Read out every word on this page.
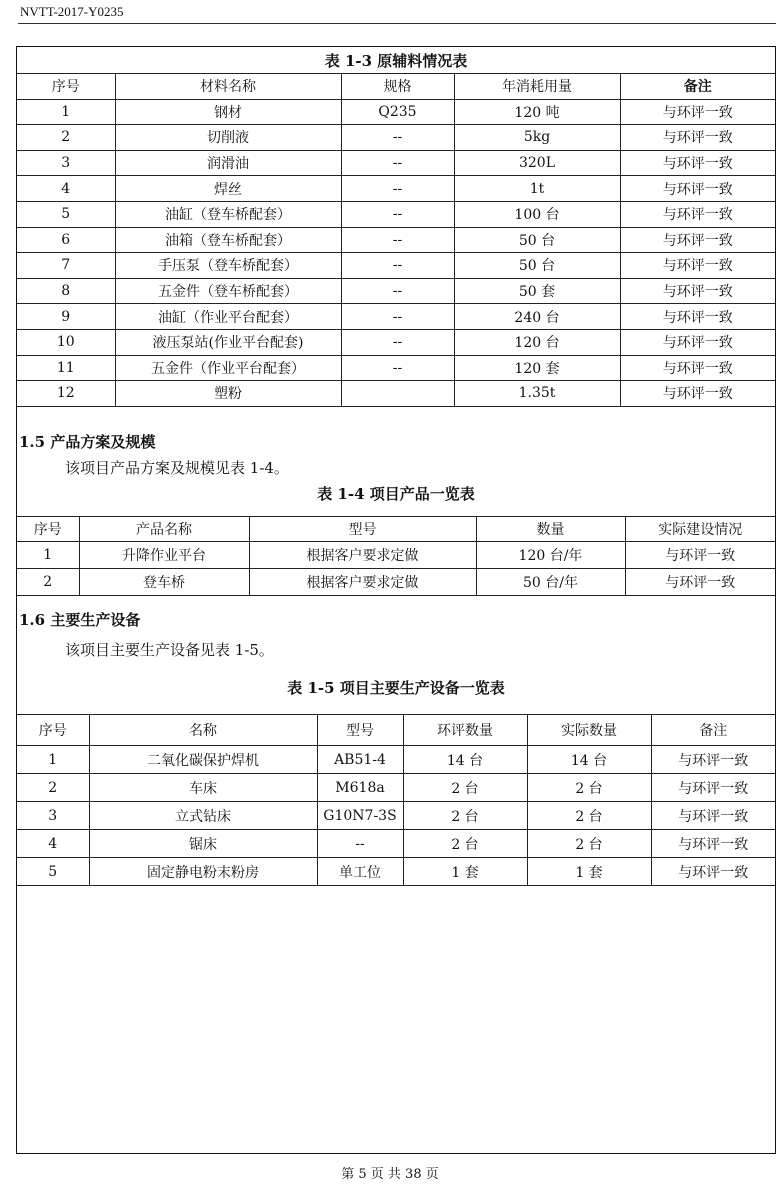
NVTT-2017-Y0235
表 1-3 原辅料情况表				
序号	材料名称	规格	年消耗用量	备注
1	钢材	Q235	120 吨	与环评一致
2	切削液	--	5kg	与环评一致
3	润滑油	--	320L	与环评一致
4	焊丝	--	1t	与环评一致
5	油缸（登车桥配套）	--	100 台	与环评一致
6	油箱（登车桥配套）	--	50 台	与环评一致
7	手压泵（登车桥配套）	--	50 台	与环评一致
8	五金件（登车桥配套）	--	50 套	与环评一致
9	油缸（作业平台配套）	--	240 台	与环评一致
10	液压泵站(作业平台配套)	--	120 台	与环评一致
11	五金件（作业平台配套）	--	120 套	与环评一致
12	塑粉		1.35t	与环评一致
1.5 产品方案及规模
该项目产品方案及规模见表 1-4。
表 1-4 项目产品一览表
序号	产品名称	型号	数量	实际建设情况
1	升降作业平台	根据客户要求定做	120 台/年	与环评一致
2	登车桥	根据客户要求定做	50 台/年	与环评一致
1.6 主要生产设备
该项目主要生产设备见表 1-5。
表 1-5 项目主要生产设备一览表
序号	名称	型号	环评数量	实际数量	备注
1	二氧化碳保护焊机	AB51-4	14 台	14 台	与环评一致
2	车床	M618a	2 台	2 台	与环评一致
3	立式钻床	G10N7-3S	2 台	2 台	与环评一致
4	锯床	--	2 台	2 台	与环评一致
5	固定静电粉末粉房	单工位	1 套	1 套	与环评一致
第 5 页 共 38 页
